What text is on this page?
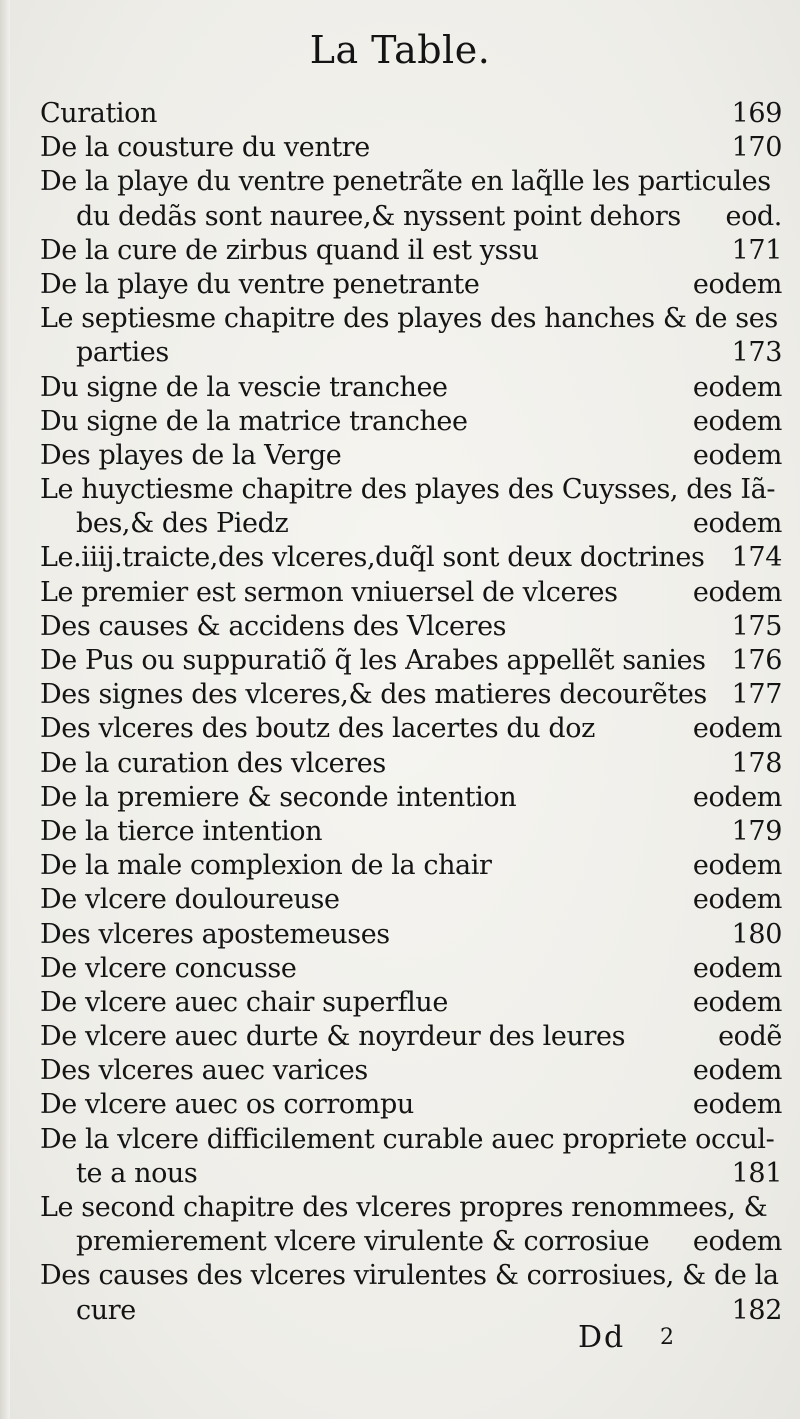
La Table.
Curation	169
De la cousture du ventre	170
De la playe du ventre penetrãte en laq̃lle les particules
du dedãs sont nauree,& nyssent point dehors eod.
De la cure de zirbus quand il est yssu	171
De la playe du ventre penetrante	eodem
Le septiesme chapitre des playes des hanches & de ses
parties	173
Du signe de la vescie tranchee	eodem
Du signe de la matrice tranchee	eodem
Des playes de la Verge	eodem
Le huyctiesme chapitre des playes des Cuysses, des Iã-
bes,& des Piedz	eodem
Le.iiij.traicte,des vlceres,duq̃l sont deux doctrines 174
Le premier est sermon vniuersel de vlceres	eodem
Des causes & accidens des Vlceres	175
De Pus ou suppuratiõ q̃ les Arabes appellẽt sanies 176
Des signes des vlceres,& des matieres decourẽtes 177
Des vlceres des boutz des lacertes du doz	eodem
De la curation des vlceres	178
De la premiere & seconde intention	eodem
De la tierce intention	179
De la male complexion de la chair	eodem
De vlcere douloureuse	eodem
Des vlceres apostemeuses	180
De vlcere concusse	eodem
De vlcere auec chair superflue	eodem
De vlcere auec durte & noyrdeur des leures	eodẽ
Des vlceres auec varices	eodem
De vlcere auec os corrompu	eodem
De la vlcere difficilement curable auec propriete occul-
te a nous	181
Le second chapitre des vlceres propres renommees, &
premierement vlcere virulente & corrosiue eodem
Des causes des vlceres virulentes & corrosiues, & de la
cure	182
Dd 2
